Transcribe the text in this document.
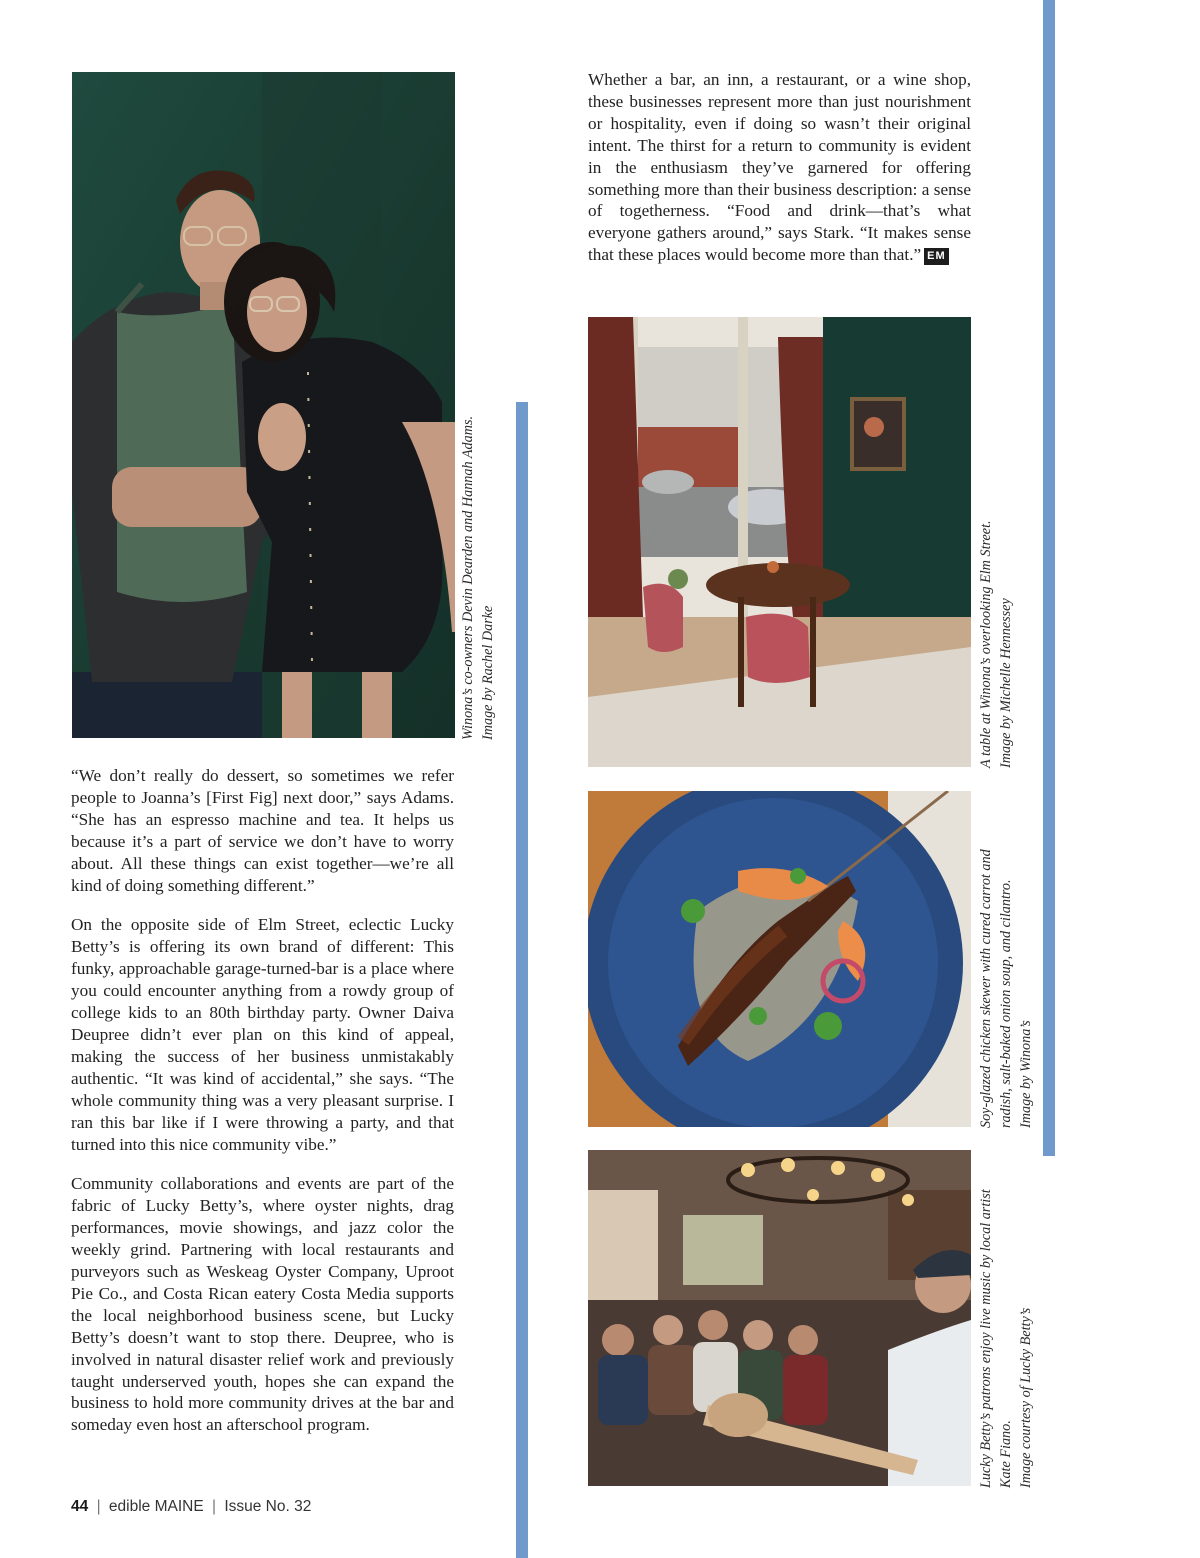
Winona’s co-owners Devin Dearden and Hannah Adams. Image by Rachel Darke

Whether a bar, an inn, a restaurant, or a wine shop, these businesses represent more than just nourishment or hospitality, even if doing so wasn’t their original intent. The thirst for a return to community is evident in the enthusiasm they’ve garnered for offering something more than their business description: a sense of togetherness. “Food and drink—that’s what everyone gathers around,” says Stark. “It makes sense that these places would become more than that.” EM

A table at Winona’s overlooking Elm Street. Image by Michelle Hennessey
Soy-glazed chicken skewer with cured carrot and radish, salt-baked onion soup, and cilantro. Image by Winona’s
Lucky Betty’s patrons enjoy live music by local artist Kate Fiano. Image courtesy of Lucky Betty’s

“We don’t really do dessert, so sometimes we refer people to Joanna’s [First Fig] next door,” says Adams. “She has an espresso machine and tea. It helps us because it’s a part of service we don’t have to worry about. All these things can exist together—we’re all kind of doing something different.”

On the opposite side of Elm Street, eclectic Lucky Betty’s is offering its own brand of different: This funky, approachable garage-turned-bar is a place where you could encounter anything from a rowdy group of college kids to an 80th birthday party. Owner Daiva Deupree didn’t ever plan on this kind of appeal, making the success of her business unmistakably authentic. “It was kind of accidental,” she says. “The whole community thing was a very pleasant surprise. I ran this bar like if I were throwing a party, and that turned into this nice community vibe.”

Community collaborations and events are part of the fabric of Lucky Betty’s, where oyster nights, drag performances, movie showings, and jazz color the weekly grind. Partnering with local restaurants and purveyors such as Weskeag Oyster Company, Uproot Pie Co., and Costa Rican eatery Costa Media supports the local neighborhood business scene, but Lucky Betty’s doesn’t want to stop there. Deupree, who is involved in natural disaster relief work and previously taught underserved youth, hopes she can expand the business to hold more community drives at the bar and someday even host an afterschool program.

44 | edible MAINE | Issue No. 32
